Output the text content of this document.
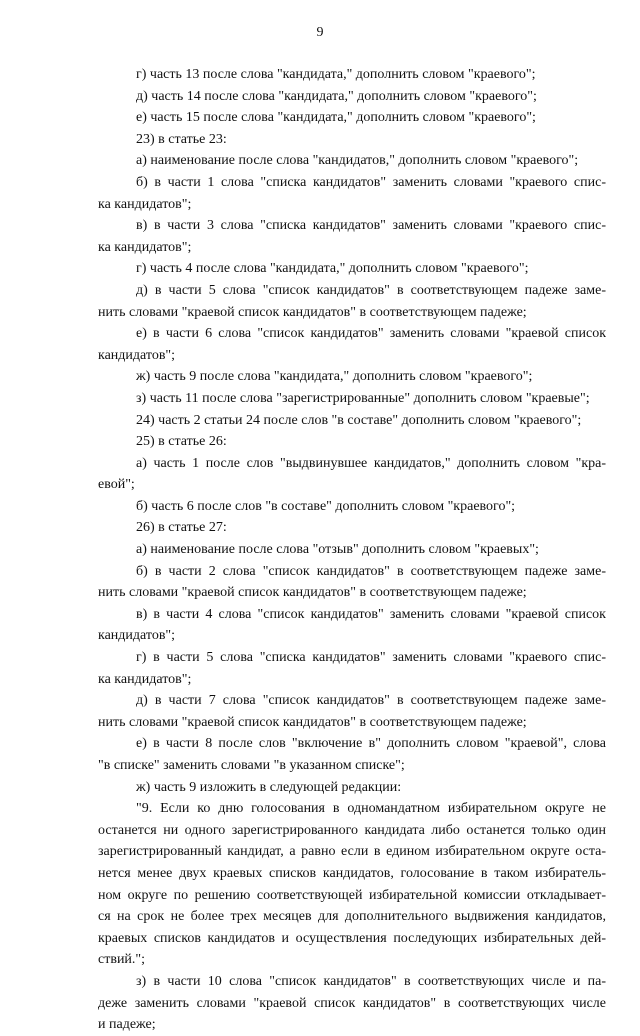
9
г) часть 13 после слова "кандидата," дополнить словом "краевого";
д) часть 14 после слова "кандидата," дополнить словом "краевого";
е) часть 15 после слова "кандидата," дополнить словом "краевого";
23) в статье 23:
а) наименование после слова "кандидатов," дополнить словом "краевого";
б) в части 1 слова "списка кандидатов" заменить словами "краевого спис-
ка кандидатов";
в) в части 3 слова "списка кандидатов" заменить словами "краевого спис-
ка кандидатов";
г) часть 4 после слова "кандидата," дополнить словом "краевого";
д) в части 5 слова "список кандидатов" в соответствующем падеже заме-
нить словами "краевой список кандидатов" в соответствующем падеже;
е) в части 6 слова "список кандидатов" заменить словами "краевой список
кандидатов";
ж) часть 9 после слова "кандидата," дополнить словом "краевого";
з) часть 11 после слова "зарегистрированные" дополнить словом "краевые";
24) часть 2 статьи 24 после слов "в составе" дополнить словом "краевого";
25) в статье 26:
а) часть 1 после слов "выдвинувшее кандидатов," дополнить словом "кра-
евой";
б) часть 6 после слов "в составе" дополнить словом "краевого";
26) в статье 27:
а) наименование после слова "отзыв" дополнить словом "краевых";
б) в части 2 слова "список кандидатов" в соответствующем падеже заме-
нить словами "краевой список кандидатов" в соответствующем падеже;
в) в части 4 слова "список кандидатов" заменить словами "краевой список
кандидатов";
г) в части 5 слова "списка кандидатов" заменить словами "краевого спис-
ка кандидатов";
д) в части 7 слова "список кандидатов" в соответствующем падеже заме-
нить словами "краевой список кандидатов" в соответствующем падеже;
е) в части 8 после слов "включение в" дополнить словом "краевой", слова
"в списке" заменить словами "в указанном списке";
ж) часть 9 изложить в следующей редакции:
"9. Если ко дню голосования в одномандатном избирательном округе не
останется ни одного зарегистрированного кандидата либо останется только один
зарегистрированный кандидат, а равно если в едином избирательном округе оста-
нется менее двух краевых списков кандидатов, голосование в таком избиратель-
ном округе по решению соответствующей избирательной комиссии откладывает-
ся на срок не более трех месяцев для дополнительного выдвижения кандидатов,
краевых списков кандидатов и осуществления последующих избирательных дей-
ствий.";
з) в части 10 слова "список кандидатов" в соответствующих числе и па-
деже заменить словами "краевой список кандидатов" в соответствующих числе
и падеже;
